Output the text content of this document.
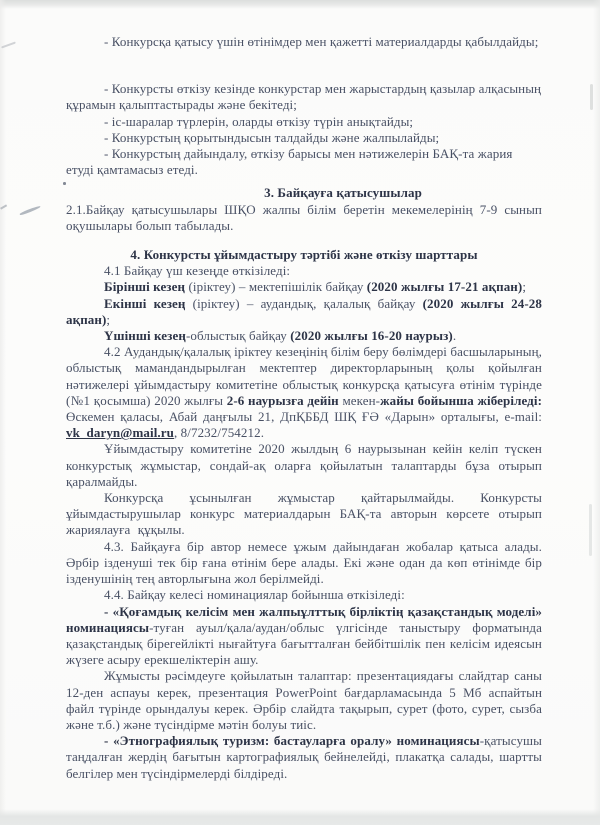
- Конкурсқа қатысу үшін өтінімдер мен қажетті материалдарды қабылдайды;

- Конкурсты өткізу кезінде конкурстар мен жарыстардың қазылар алқасының құрамын қалыптастырады және бекітеді;

- іс-шаралар түрлерін, оларды өткізу түрін анықтайды;

- Конкурстың қорытындысын талдайды және жалпылайды;

- Конкурстың дайындалу, өткізу барысы мен нәтижелерін БАҚ-та жария етуді қамтамасыз етеді.

3. Байқауға қатысушылар

2.1.Байқау қатысушылары ШҚО жалпы білім беретін мекемелерінің 7-9 сынып оқушылары болып табылады.

4. Конкурсты ұйымдастыру тәртібі және өткізу шарттары

4.1 Байқау үш кезеңде өткізіледі:

Бірінші кезең (іріктеу) – мектепішілік байқау (2020 жылғы 17-21 ақпан);

Екінші кезең (іріктеу) – аудандық, қалалық байқау (2020 жылғы 24-28 ақпан);

Үшінші кезең-облыстық байқау (2020 жылғы 16-20 наурыз).

4.2 Аудандық/қалалық іріктеу кезеңінің білім беру бөлімдері басшыларының, облыстық мамандандырылған мектептер директорларының қолы қойылған нәтижелері ұйымдастыру комитетіне облыстық конкурсқа қатысуға өтінім түрінде (№1 қосымша) 2020 жылғы 2-6 наурызға дейін мекен-жайы бойынша жіберіледі: Өскемен қаласы, Абай даңғылы 21, ДпҚББД ШҚ ҒӘ «Дарын» орталығы, e-mail: vk_daryn@mail.ru, 8/7232/754212.

Ұйымдастыру комитетіне 2020 жылдың 6 наурызынан кейін келіп түскен конкурстық жұмыстар, сондай-ақ оларға қойылатын талаптарды бұза отырып қаралмайды.

Конкурсқа ұсынылған жұмыстар қайтарылмайды. Конкурсты ұйымдастырушылар конкурс материалдарын БАҚ-та авторын көрсете отырып жариялауға құқылы.

4.3. Байқауға бір автор немесе ұжым дайындаған жобалар қатыса алады. Әрбір ізденуші тек бір ғана өтінім бере алады. Екі және одан да көп өтінімде бір ізденушінің тең авторлығына жол берілмейді.

4.4. Байқау келесі номинациялар бойынша өткізіледі:

- «Қоғамдық келісім мен жалпыұлттық бірліктің қазақстандық моделі» номинациясы-туған ауыл/қала/аудан/облыс үлгісінде таныстыру форматында қазақстандық бірегейлікті нығайтуға бағытталған бейбітшілік пен келісім идеясын жүзеге асыру ерекшеліктерін ашу.

Жұмысты рәсімдеуге қойылатын талаптар: презентациядағы слайдтар саны 12-ден аспауы керек, презентация PowerPoint бағдарламасында 5 Мб аспайтын файл түрінде орындалуы керек. Әрбір слайдта тақырып, сурет (фото, сурет, сызба және т.б.) және түсіндірме мәтін болуы тиіс.

- «Этнографиялық туризм: бастауларға оралу» номинациясы-қатысушы таңдалған жердің бағытын картографиялық бейнелейді, плакатқа салады, шартты белгілер мен түсіндірмелерді білдіреді.
